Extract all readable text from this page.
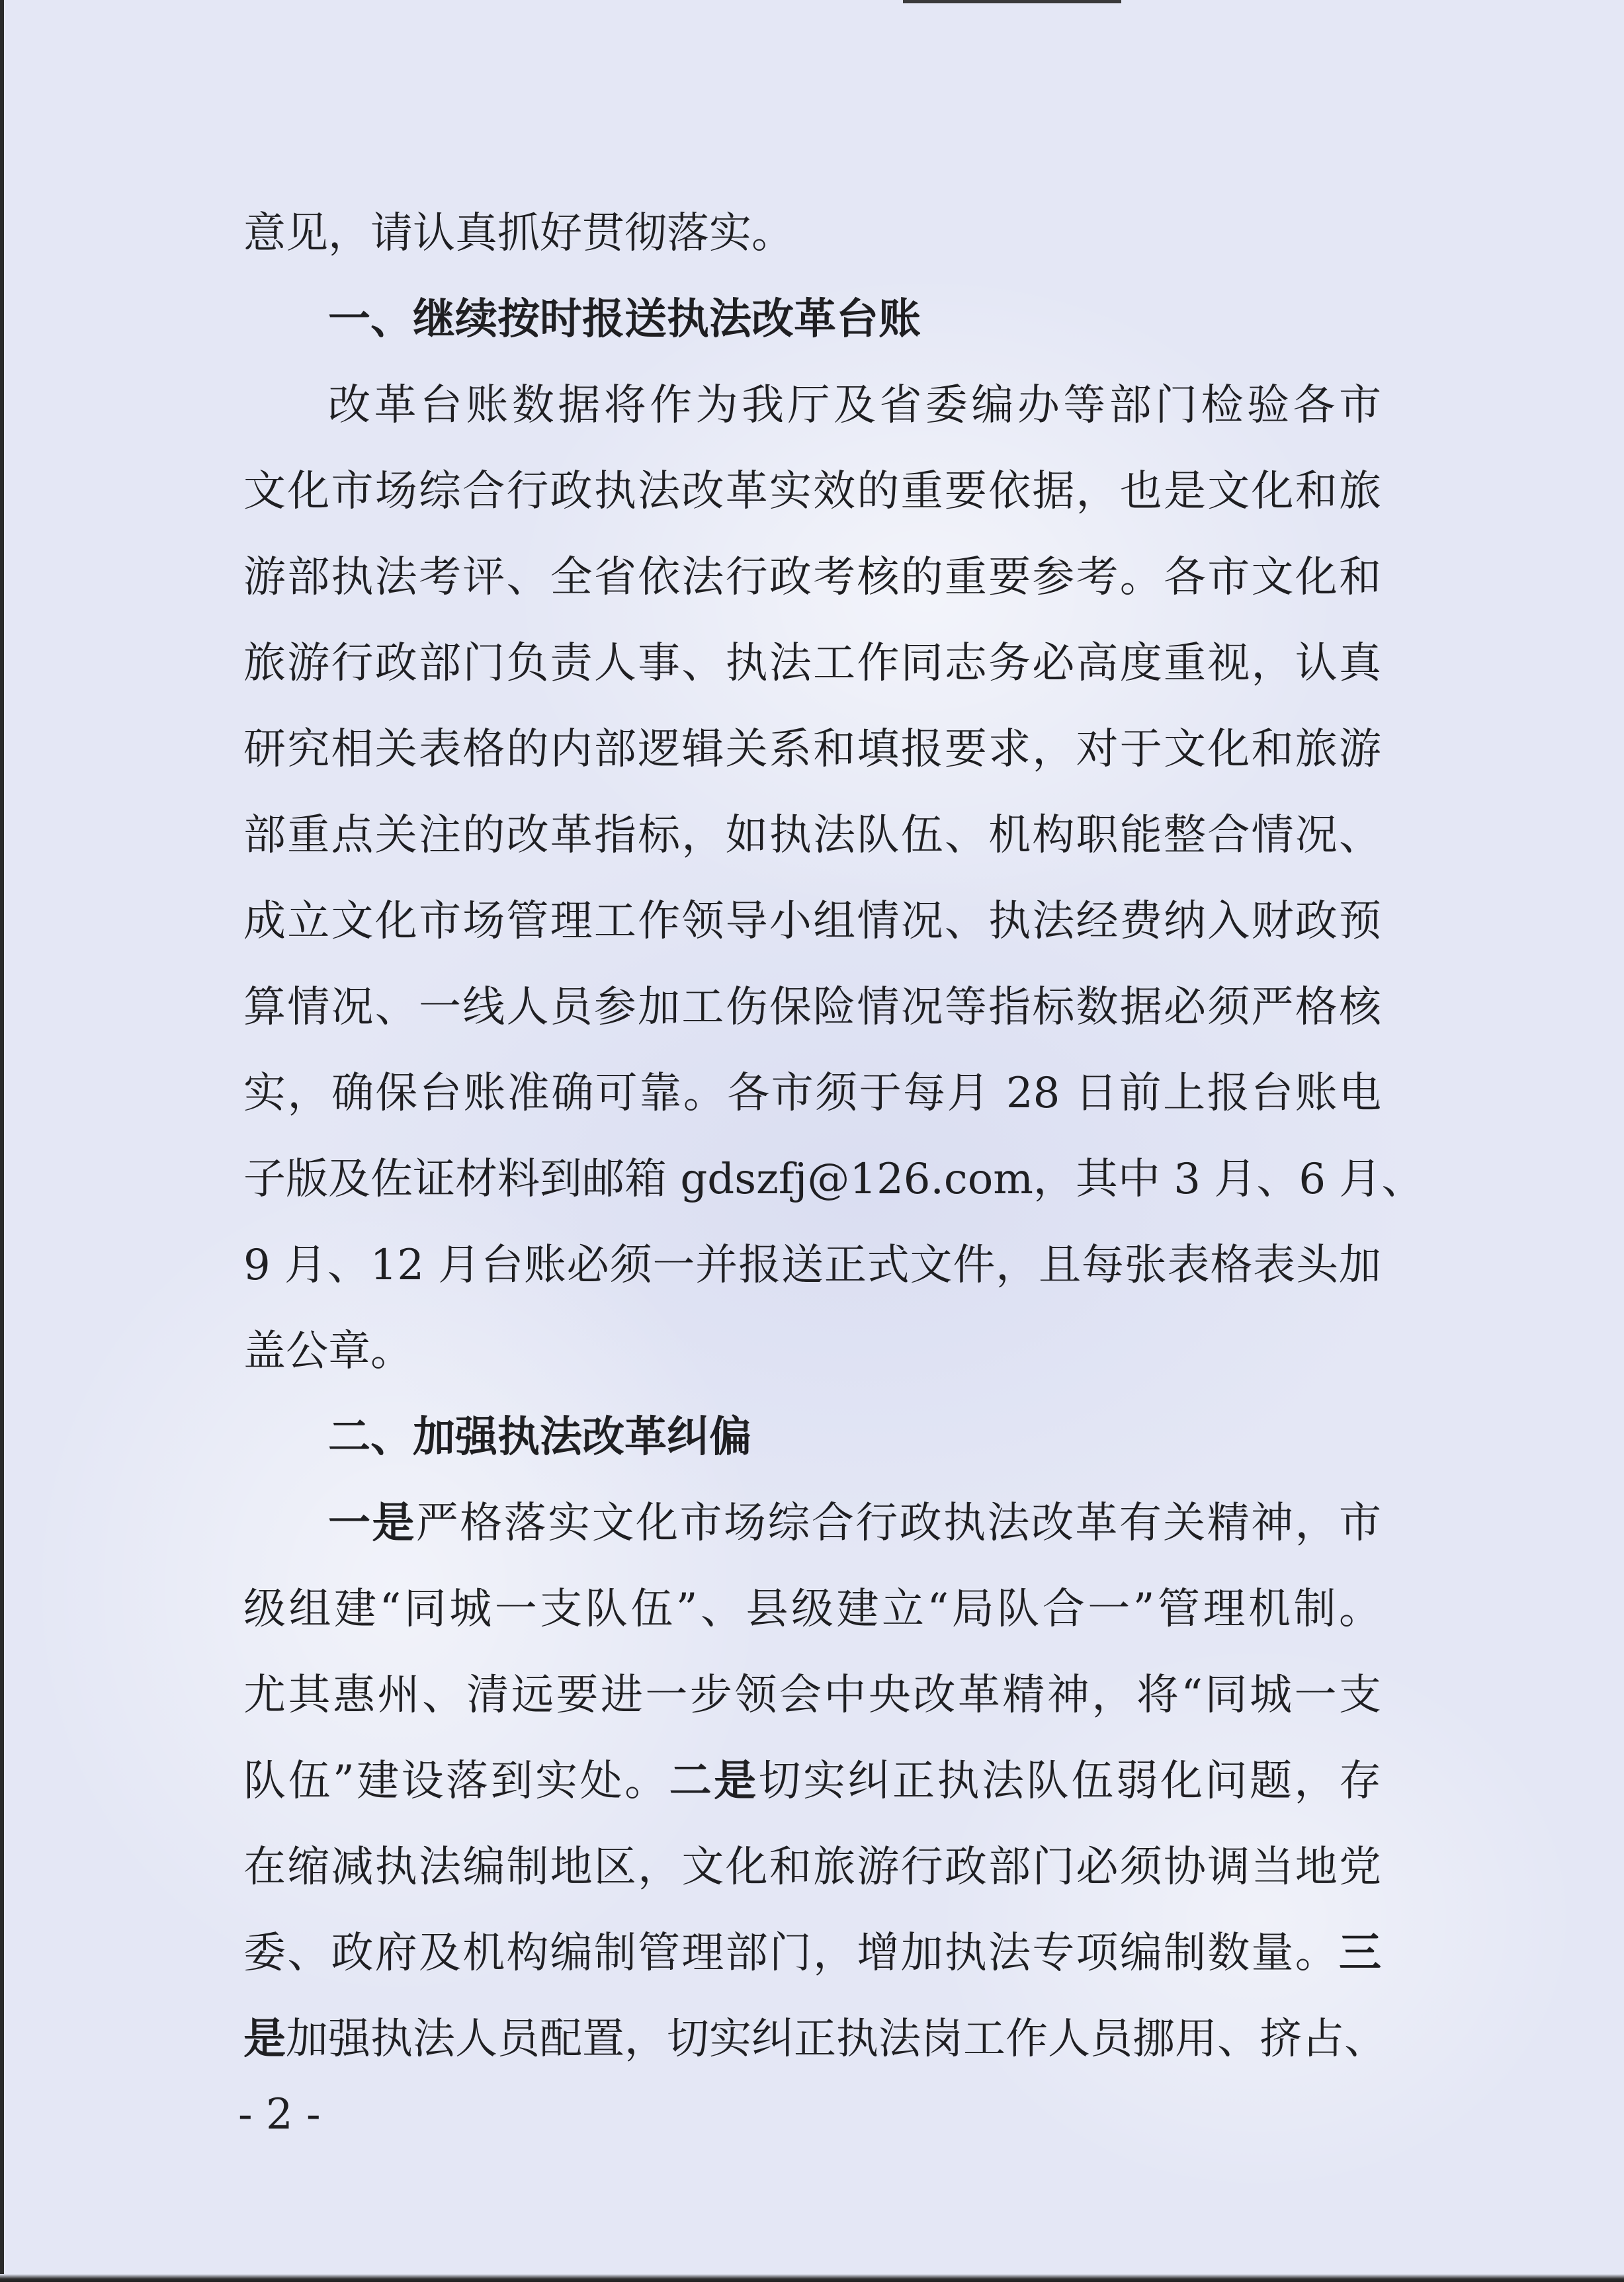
意见，请认真抓好贯彻落实。
一、继续按时报送执法改革台账
改革台账数据将作为我厅及省委编办等部门检验各市
文化市场综合行政执法改革实效的重要依据，也是文化和旅
游部执法考评、全省依法行政考核的重要参考。各市文化和
旅游行政部门负责人事、执法工作同志务必高度重视，认真
研究相关表格的内部逻辑关系和填报要求，对于文化和旅游
部重点关注的改革指标，如执法队伍、机构职能整合情况、
成立文化市场管理工作领导小组情况、执法经费纳入财政预
算情况、一线人员参加工伤保险情况等指标数据必须严格核
实，确保台账准确可靠。各市须于每月 28 日前上报台账电
子版及佐证材料到邮箱 gdszfj@126.com，其中 3 月、6 月、
9 月、12 月台账必须一并报送正式文件，且每张表格表头加
盖公章。
二、加强执法改革纠偏
一是严格落实文化市场综合行政执法改革有关精神，市
级组建“同城一支队伍”、县级建立“局队合一”管理机制。
尤其惠州、清远要进一步领会中央改革精神，将“同城一支
队伍”建设落到实处。二是切实纠正执法队伍弱化问题，存
在缩减执法编制地区，文化和旅游行政部门必须协调当地党
委、政府及机构编制管理部门，增加执法专项编制数量。三
是加强执法人员配置，切实纠正执法岗工作人员挪用、挤占、
- 2 -
